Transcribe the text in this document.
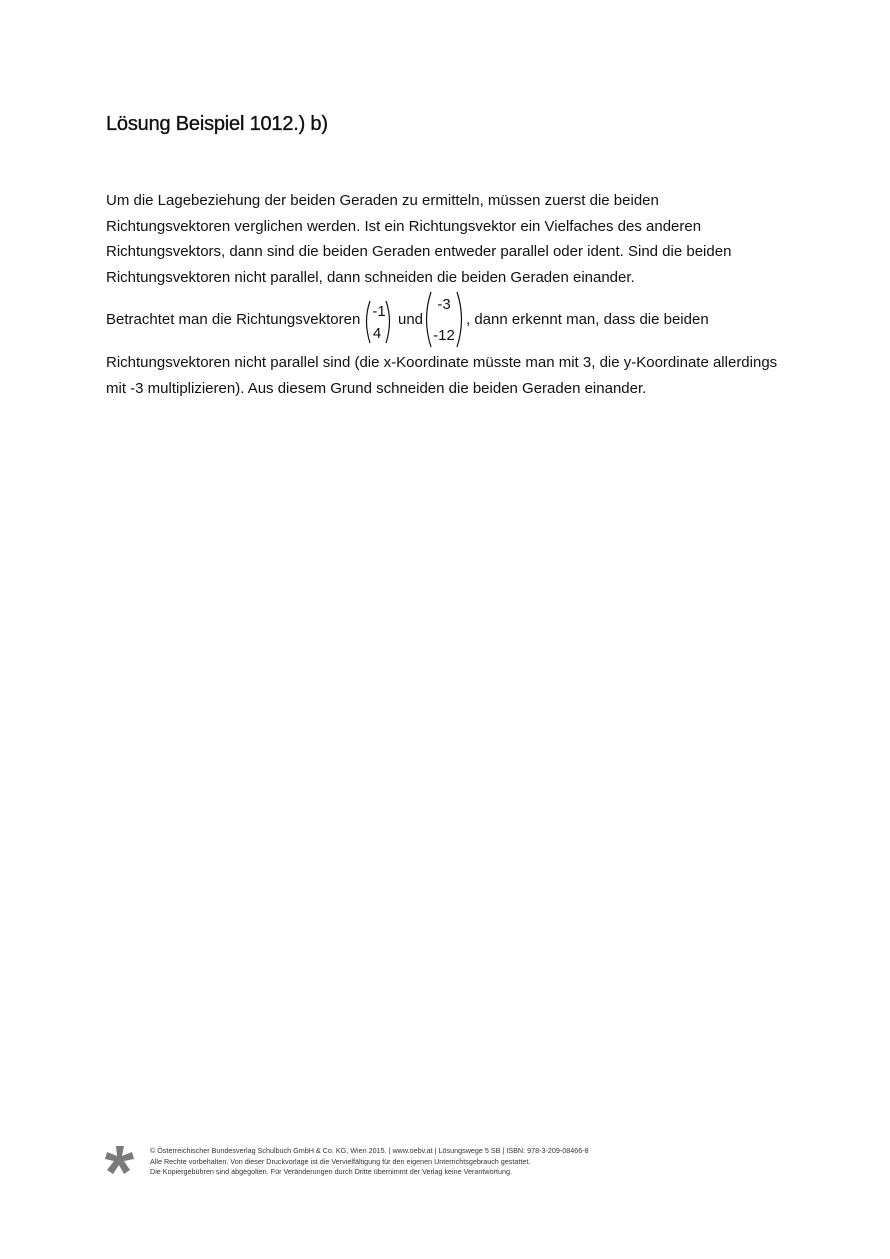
Lösung Beispiel 1012.) b)

Um die Lagebeziehung der beiden Geraden zu ermitteln, müssen zuerst die beiden
Richtungsvektoren verglichen werden. Ist ein Richtungsvektor ein Vielfaches des anderen
Richtungsvektors, dann sind die beiden Geraden entweder parallel oder ident. Sind die beiden
Richtungsvektoren nicht parallel, dann schneiden die beiden Geraden einander.

Betrachtet man die Richtungsvektoren -1
4
und
-3
-12
, dann erkennt man, dass die beiden

Richtungsvektoren nicht parallel sind (die x-Koordinate müsste man mit 3, die y-Koordinate allerdings
mit -3 multiplizieren). Aus diesem Grund schneiden die beiden Geraden einander.

© Österreichischer Bundesverlag Schulbuch GmbH & Co. KG, Wien 2015. | www.oebv.at | Lösungswege 5 SB | ISBN: 978-3-209-08466-8
Alle Rechte vorbehalten. Von dieser Druckvorlage ist die Vervielfältigung für den eigenen Unterrichtsgebrauch gestattet.
Die Kopiergebühren sind abgegolten. Für Veränderungen durch Dritte übernimmt der Verlag keine Verantwortung.
